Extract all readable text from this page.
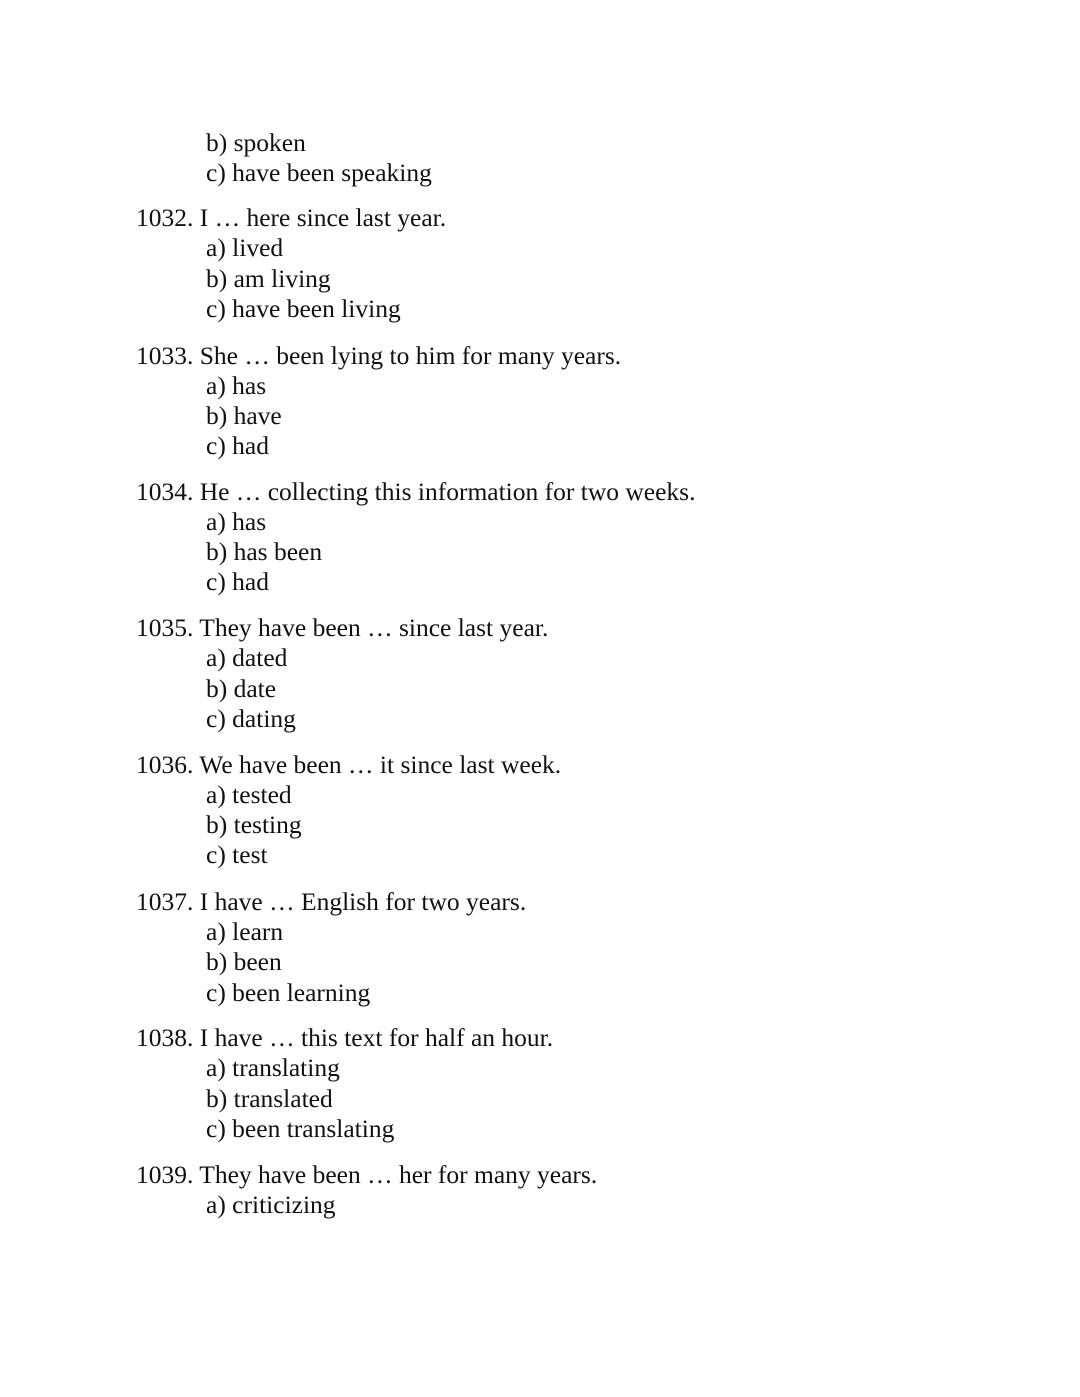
b) spoken
c) have been speaking
1032. I … here since last year.
a) lived
b) am living
c) have been living
1033. She … been lying to him for many years.
a) has
b) have
c) had
1034. He … collecting this information for two weeks.
a) has
b) has been
c) had
1035. They have been … since last year.
a) dated
b) date
c) dating
1036. We have been … it since last week.
a) tested
b) testing
c) test
1037. I have … English for two years.
a) learn
b) been
c) been learning
1038. I have … this text for half an hour.
a) translating
b) translated
c) been translating
1039. They have been … her for many years.
a) criticizing
